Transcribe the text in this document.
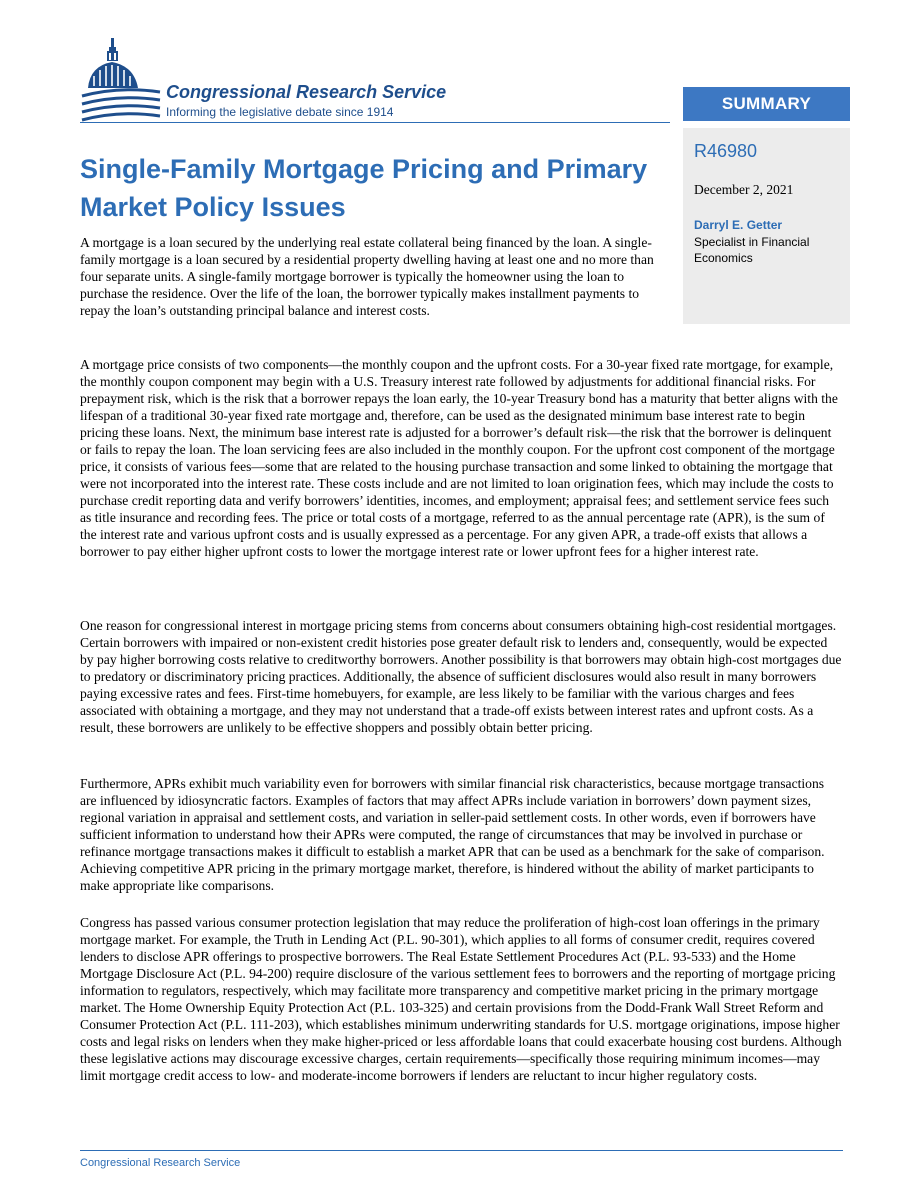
Congressional Research Service
Informing the legislative debate since 1914	SUMMARY
R46980
December 2, 2021
Darryl E. Getter
Specialist in Financial Economics
Single-Family Mortgage Pricing and Primary Market Policy Issues

A mortgage is a loan secured by the underlying real estate collateral being financed by the loan. A single-family mortgage is a loan secured by a residential property dwelling having at least one and no more than four separate units. A single-family mortgage borrower is typically the homeowner using the loan to purchase the residence. Over the life of the loan, the borrower typically makes installment payments to repay the loan’s outstanding principal balance and interest costs.

A mortgage price consists of two components—the monthly coupon and the upfront costs. For a 30-year fixed rate mortgage, for example, the monthly coupon component may begin with a U.S. Treasury interest rate followed by adjustments for additional financial risks. For prepayment risk, which is the risk that a borrower repays the loan early, the 10-year Treasury bond has a maturity that better aligns with the lifespan of a traditional 30-year fixed rate mortgage and, therefore, can be used as the designated minimum base interest rate to begin pricing these loans. Next, the minimum base interest rate is adjusted for a borrower’s default risk—the risk that the borrower is delinquent or fails to repay the loan. The loan servicing fees are also included in the monthly coupon. For the upfront cost component of the mortgage price, it consists of various fees—some that are related to the housing purchase transaction and some linked to obtaining the mortgage that were not incorporated into the interest rate. These costs include and are not limited to loan origination fees, which may include the costs to purchase credit reporting data and verify borrowers’ identities, incomes, and employment; appraisal fees; and settlement service fees such as title insurance and recording fees. The price or total costs of a mortgage, referred to as the annual percentage rate (APR), is the sum of the interest rate and various upfront costs and is usually expressed as a percentage. For any given APR, a trade-off exists that allows a borrower to pay either higher upfront costs to lower the mortgage interest rate or lower upfront fees for a higher interest rate.

One reason for congressional interest in mortgage pricing stems from concerns about consumers obtaining high-cost residential mortgages. Certain borrowers with impaired or non-existent credit histories pose greater default risk to lenders and, consequently, would be expected by pay higher borrowing costs relative to creditworthy borrowers. Another possibility is that borrowers may obtain high-cost mortgages due to predatory or discriminatory pricing practices. Additionally, the absence of sufficient disclosures would also result in many borrowers paying excessive rates and fees. First-time homebuyers, for example, are less likely to be familiar with the various charges and fees associated with obtaining a mortgage, and they may not understand that a trade-off exists between interest rates and upfront costs. As a result, these borrowers are unlikely to be effective shoppers and possibly obtain better pricing.

Furthermore, APRs exhibit much variability even for borrowers with similar financial risk characteristics, because mortgage transactions are influenced by idiosyncratic factors. Examples of factors that may affect APRs include variation in borrowers’ down payment sizes, regional variation in appraisal and settlement costs, and variation in seller-paid settlement costs. In other words, even if borrowers have sufficient information to understand how their APRs were computed, the range of circumstances that may be involved in purchase or refinance mortgage transactions makes it difficult to establish a market APR that can be used as a benchmark for the sake of comparison. Achieving competitive APR pricing in the primary mortgage market, therefore, is hindered without the ability of market participants to make appropriate like comparisons.

Congress has passed various consumer protection legislation that may reduce the proliferation of high-cost loan offerings in the primary mortgage market. For example, the Truth in Lending Act (P.L. 90-301), which applies to all forms of consumer credit, requires covered lenders to disclose APR offerings to prospective borrowers. The Real Estate Settlement Procedures Act (P.L. 93-533) and the Home Mortgage Disclosure Act (P.L. 94-200) require disclosure of the various settlement fees to borrowers and the reporting of mortgage pricing information to regulators, respectively, which may facilitate more transparency and competitive market pricing in the primary mortgage market. The Home Ownership Equity Protection Act (P.L. 103-325) and certain provisions from the Dodd-Frank Wall Street Reform and Consumer Protection Act (P.L. 111-203), which establishes minimum underwriting standards for U.S. mortgage originations, impose higher costs and legal risks on lenders when they make higher-priced or less affordable loans that could exacerbate housing cost burdens. Although these legislative actions may discourage excessive charges, certain requirements—specifically those requiring minimum incomes—may limit mortgage credit access to low- and moderate-income borrowers if lenders are reluctant to incur higher regulatory costs.

Congressional Research Service
